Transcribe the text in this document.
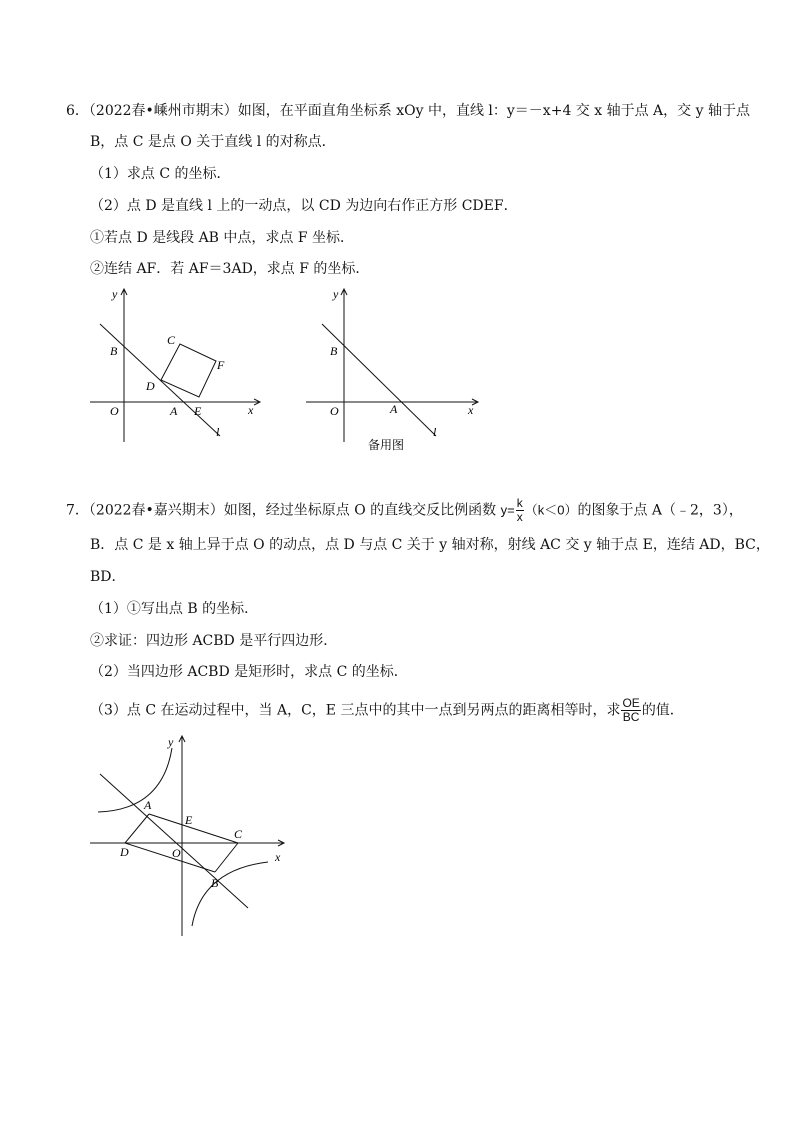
6．（2022春•嵊州市期末）如图，在平面直角坐标系 xOy 中，直线 l：y＝－x+4 交 x 轴于点 A，交 y 轴于点
B，点 C 是点 O 关于直线 l 的对称点．
（1）求点 C 的坐标．
（2）点 D 是直线 l 上的一动点，以 CD 为边向右作正方形 CDEF．
①若点 D 是线段 AB 中点，求点 F 坐标．
②连结 AF．若 AF＝3AD，求点 F 的坐标．
y
x
O
B
A
C
D
E
F
l
y
x
O
B
A
l
备用图
7．（2022春•嘉兴期末）如图，经过坐标原点 O 的直线交反比例函数 $y= \frac{k}{x} (k<0)$的图象于点 A（﹣2，3），
B．点 C 是 x 轴上异于点 O 的动点，点 D 与点 C 关于 y 轴对称，射线 AC 交 y 轴于点 E，连结 AD，BC，
BD．
（1）①写出点 B 的坐标．
②求证：四边形 ACBD 是平行四边形．
（2）当四边形 ACBD 是矩形时，求点 C 的坐标．
（3）点 C 在运动过程中，当 A，C，E 三点中的其中一点到另两点的距离相等时，求 $\frac{OE}{BC}$ 的值．
y
x
O
A
B
C
D
E
